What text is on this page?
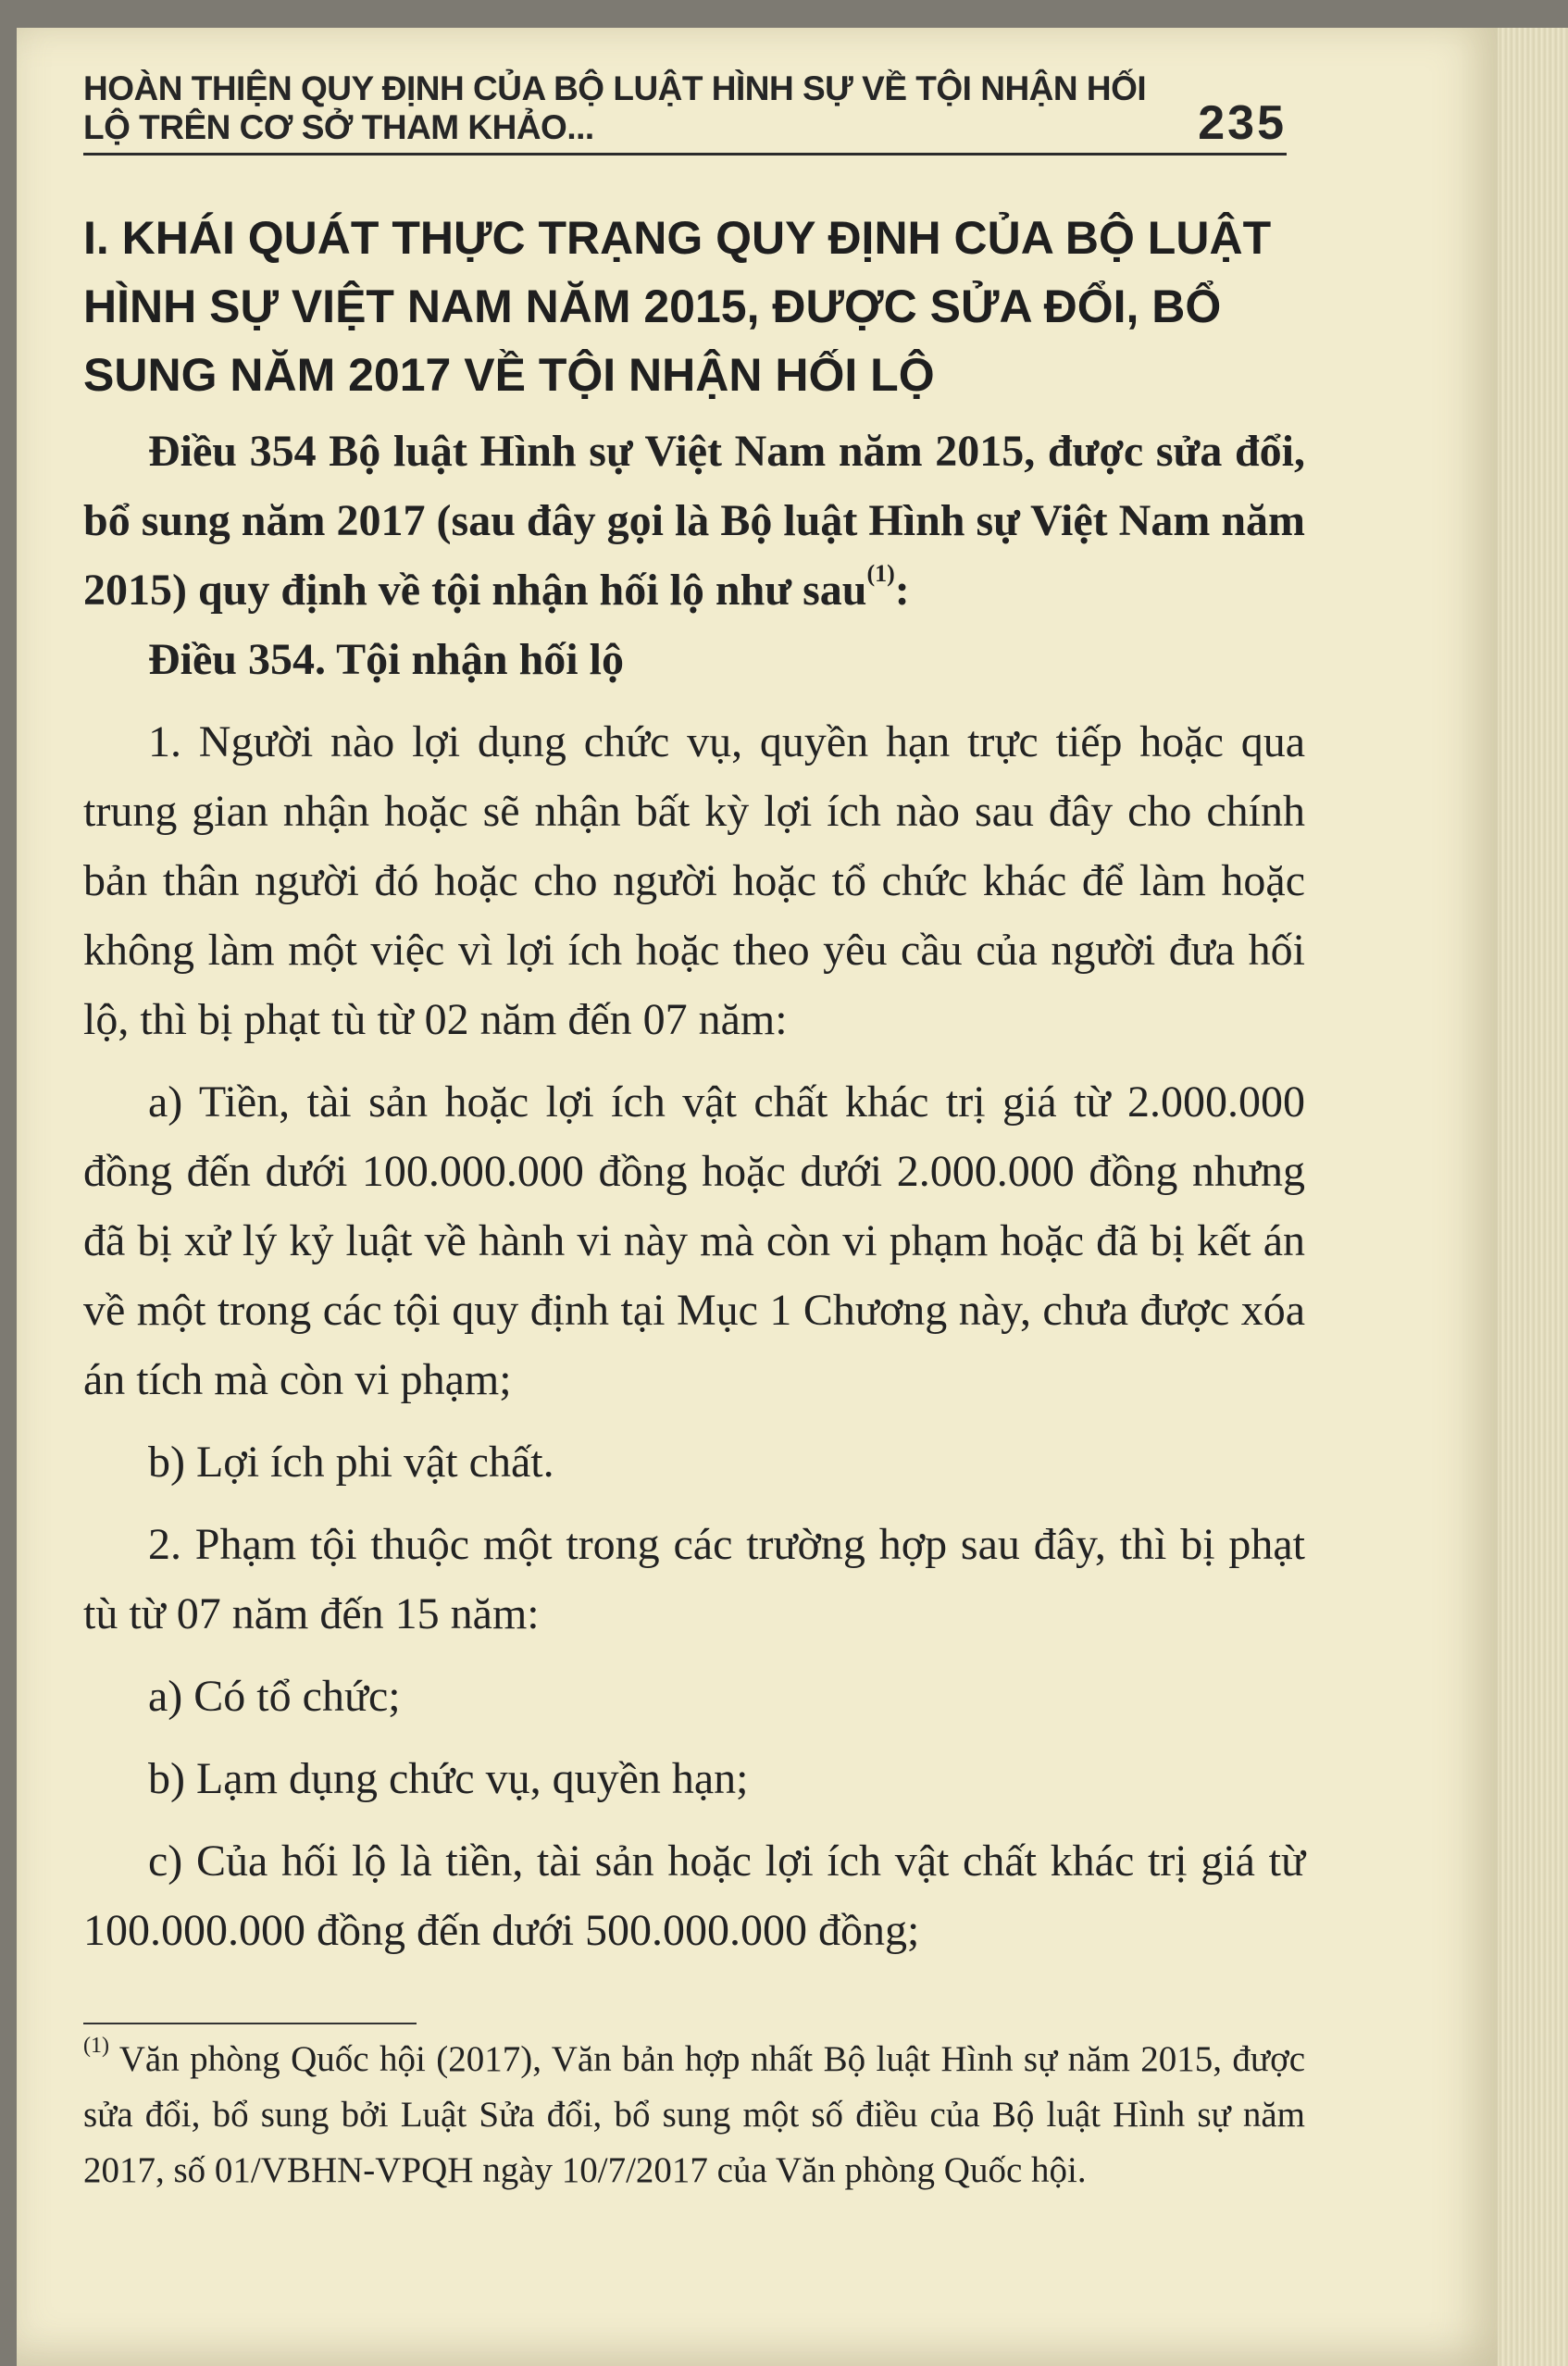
HOÀN THIỆN QUY ĐỊNH CỦA BỘ LUẬT HÌNH SỰ VỀ TỘI NHẬN HỐI LỘ TRÊN CƠ SỞ THAM KHẢO...	235
I. KHÁI QUÁT THỰC TRẠNG QUY ĐỊNH CỦA BỘ LUẬT HÌNH SỰ VIỆT NAM NĂM 2015, ĐƯỢC SỬA ĐỔI, BỔ SUNG NĂM 2017 VỀ TỘI NHẬN HỐI LỘ

Điều 354 Bộ luật Hình sự Việt Nam năm 2015, được sửa đổi, bổ sung năm 2017 (sau đây gọi là Bộ luật Hình sự Việt Nam năm 2015) quy định về tội nhận hối lộ như sau$^{(1)}$:

Điều 354. Tội nhận hối lộ

1. Người nào lợi dụng chức vụ, quyền hạn trực tiếp hoặc qua trung gian nhận hoặc sẽ nhận bất kỳ lợi ích nào sau đây cho chính bản thân người đó hoặc cho người hoặc tổ chức khác để làm hoặc không làm một việc vì lợi ích hoặc theo yêu cầu của người đưa hối lộ, thì bị phạt tù từ 02 năm đến 07 năm:

a) Tiền, tài sản hoặc lợi ích vật chất khác trị giá từ 2.000.000 đồng đến dưới 100.000.000 đồng hoặc dưới 2.000.000 đồng nhưng đã bị xử lý kỷ luật về hành vi này mà còn vi phạm hoặc đã bị kết án về một trong các tội quy định tại Mục 1 Chương này, chưa được xóa án tích mà còn vi phạm;

b) Lợi ích phi vật chất.

2. Phạm tội thuộc một trong các trường hợp sau đây, thì bị phạt tù từ 07 năm đến 15 năm:

a) Có tổ chức;

b) Lạm dụng chức vụ, quyền hạn;

c) Của hối lộ là tiền, tài sản hoặc lợi ích vật chất khác trị giá từ 100.000.000 đồng đến dưới 500.000.000 đồng;

$^{(1)}$ Văn phòng Quốc hội (2017), Văn bản hợp nhất Bộ luật Hình sự năm 2015, được sửa đổi, bổ sung bởi Luật Sửa đổi, bổ sung một số điều của Bộ luật Hình sự năm 2017, số 01/VBHN-VPQH ngày 10/7/2017 của Văn phòng Quốc hội.
